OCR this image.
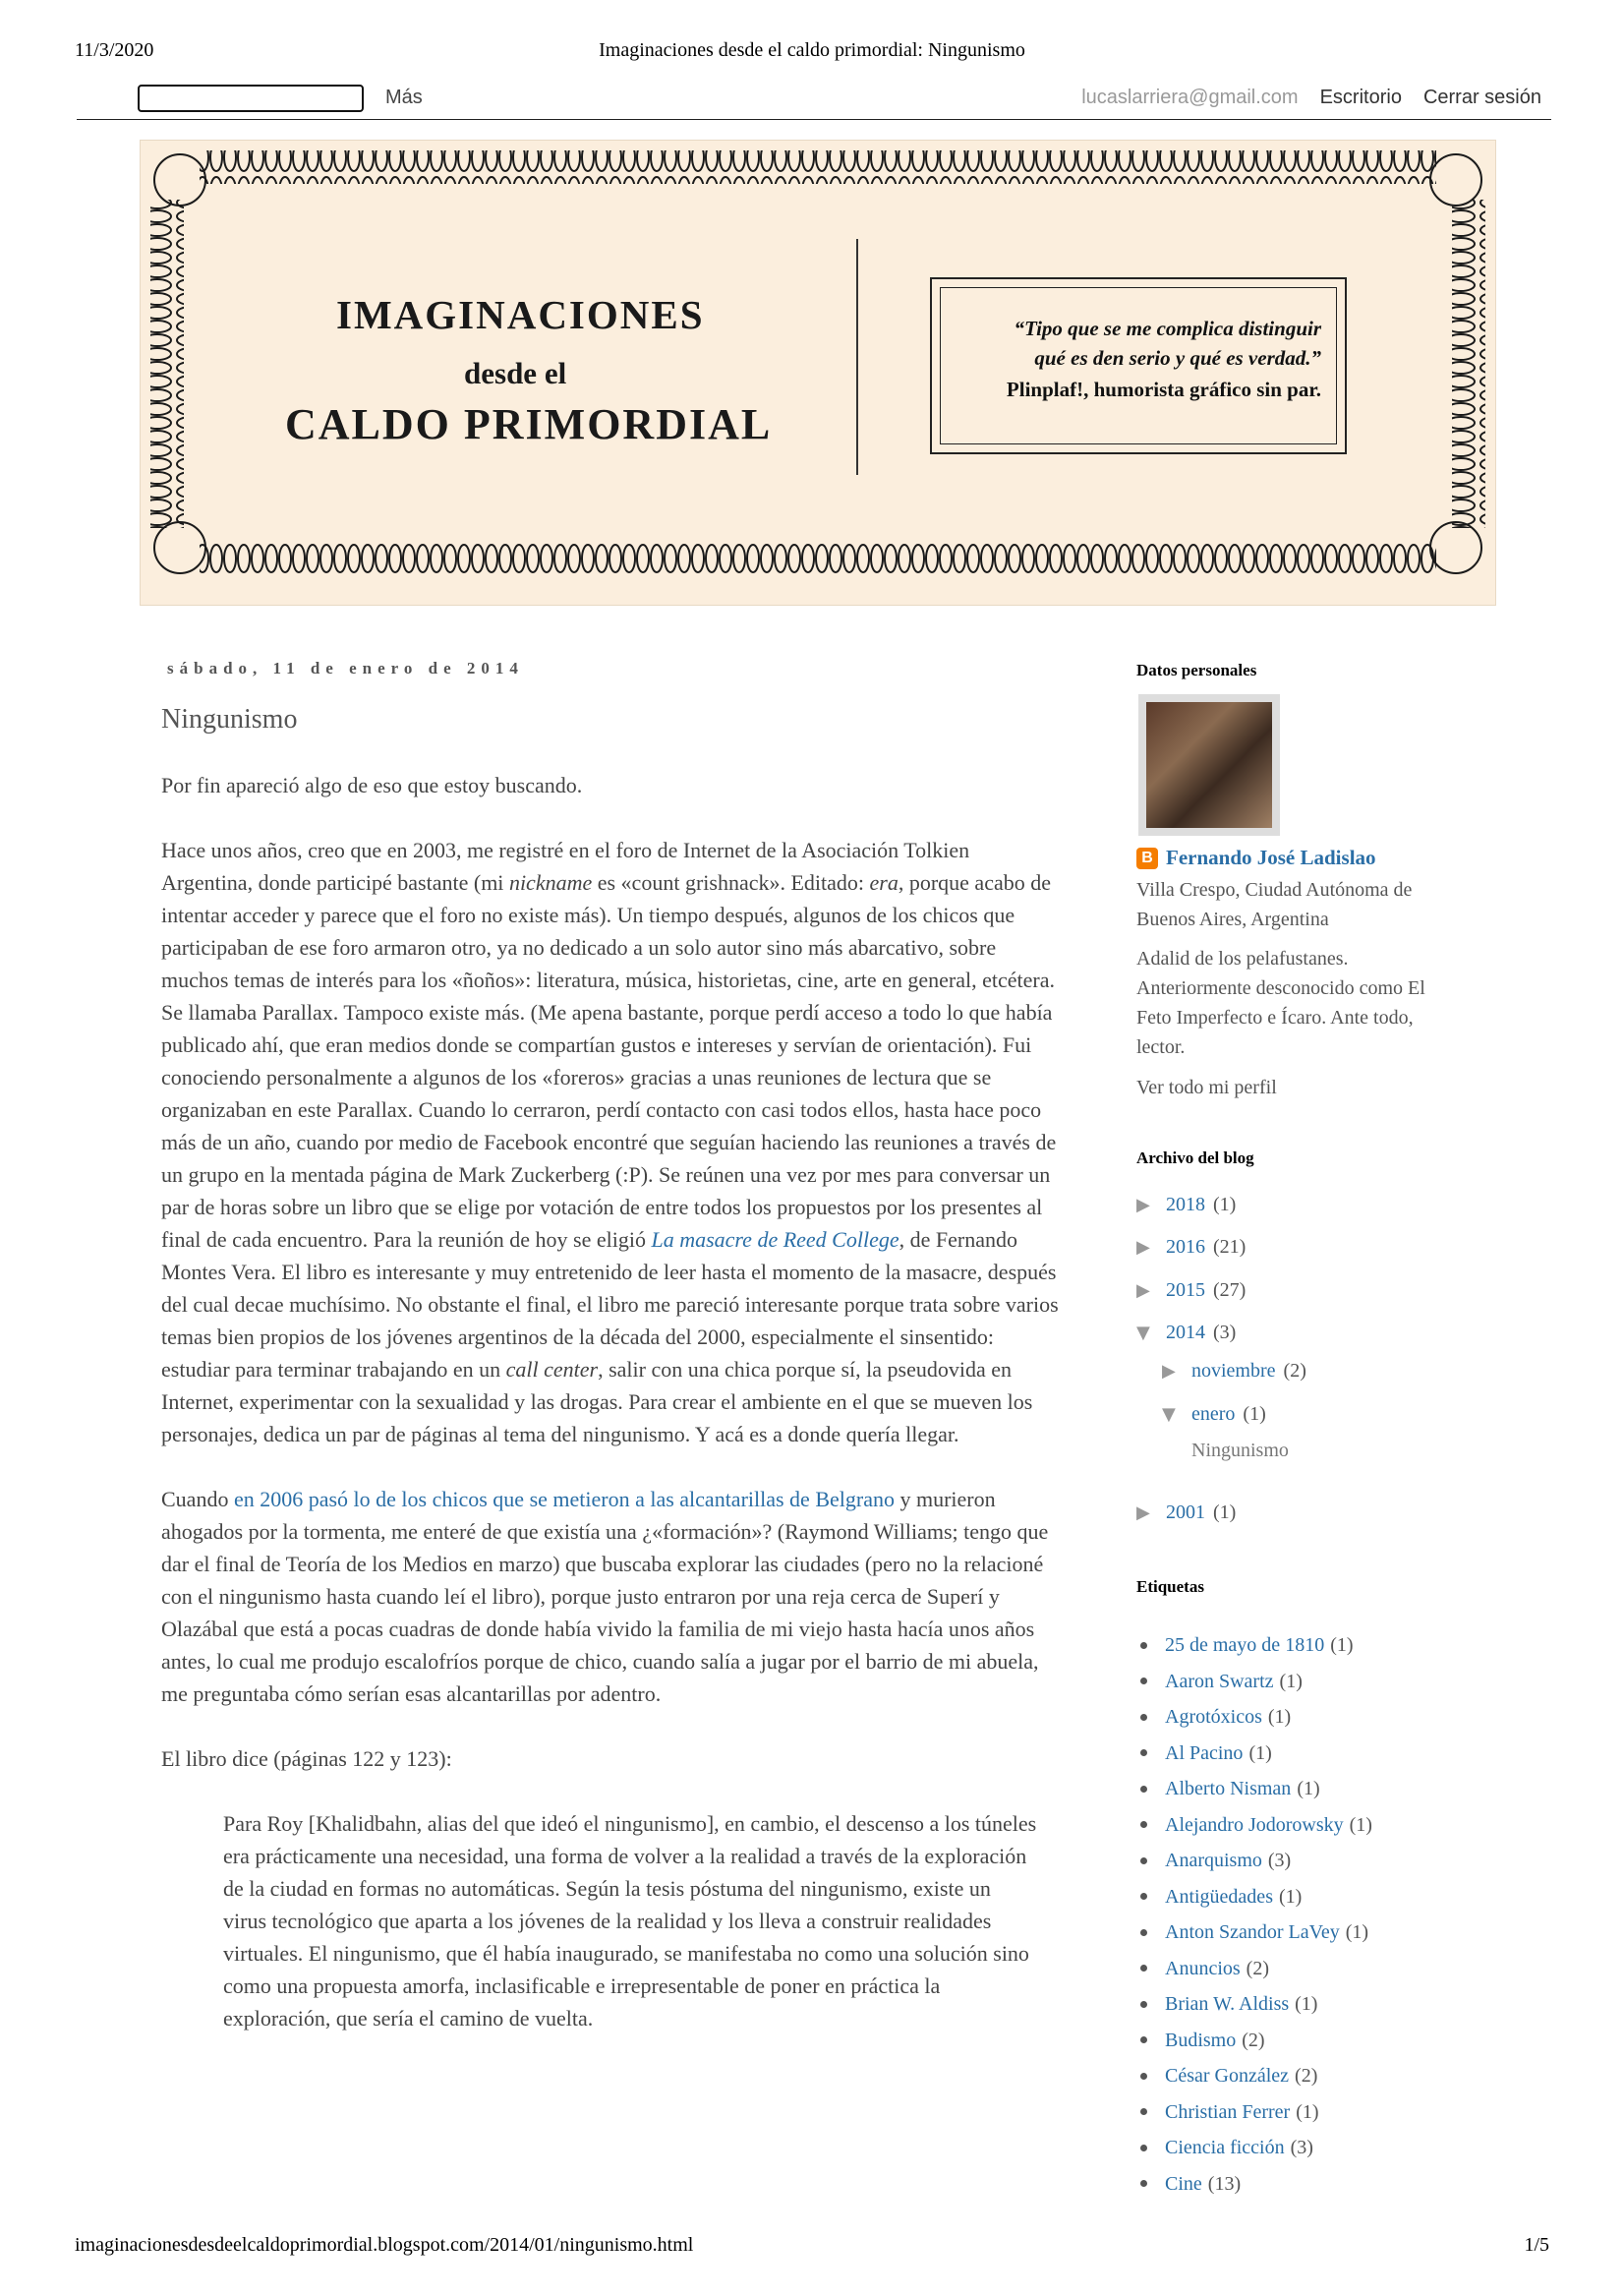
11/3/2020	Imaginaciones desde el caldo primordial: Ningunismo
Más	lucaslarriera@gmail.com Escritorio Cerrar sesión
IMAGINACIONES
desde el
CALDO PRIMORDIAL
“Tipo que se me complica distinguir
qué es den serio y qué es verdad.”
Plinplaf!, humorista gráfico sin par.
sábado, 11 de enero de 2014
Ningunismo

Por fin apareció algo de eso que estoy buscando.

Hace unos años, creo que en 2003, me registré en el foro de Internet de la Asociación Tolkien Argentina, donde participé bastante (mi nickname es «count grishnack». Editado: era, porque acabo de intentar acceder y parece que el foro no existe más). Un tiempo después, algunos de los chicos que participaban de ese foro armaron otro, ya no dedicado a un solo autor sino más abarcativo, sobre muchos temas de interés para los «ñoños»: literatura, música, historietas, cine, arte en general, etcétera. Se llamaba Parallax. Tampoco existe más. (Me apena bastante, porque perdí acceso a todo lo que había publicado ahí, que eran medios donde se compartían gustos e intereses y servían de orientación). Fui conociendo personalmente a algunos de los «foreros» gracias a unas reuniones de lectura que se organizaban en este Parallax. Cuando lo cerraron, perdí contacto con casi todos ellos, hasta hace poco más de un año, cuando por medio de Facebook encontré que seguían haciendo las reuniones a través de un grupo en la mentada página de Mark Zuckerberg (:P). Se reúnen una vez por mes para conversar un par de horas sobre un libro que se elige por votación de entre todos los propuestos por los presentes al final de cada encuentro. Para la reunión de hoy se eligió La masacre de Reed College, de Fernando Montes Vera. El libro es interesante y muy entretenido de leer hasta el momento de la masacre, después del cual decae muchísimo. No obstante el final, el libro me pareció interesante porque trata sobre varios temas bien propios de los jóvenes argentinos de la década del 2000, especialmente el sinsentido: estudiar para terminar trabajando en un call center, salir con una chica porque sí, la pseudovida en Internet, experimentar con la sexualidad y las drogas. Para crear el ambiente en el que se mueven los personajes, dedica un par de páginas al tema del ningunismo. Y acá es a donde quería llegar.

Cuando en 2006 pasó lo de los chicos que se metieron a las alcantarillas de Belgrano y murieron ahogados por la tormenta, me enteré de que existía una ¿«formación»? (Raymond Williams; tengo que dar el final de Teoría de los Medios en marzo) que buscaba explorar las ciudades (pero no la relacioné con el ningunismo hasta cuando leí el libro), porque justo entraron por una reja cerca de Superí y Olazábal que está a pocas cuadras de donde había vivido la familia de mi viejo hasta hacía unos años antes, lo cual me produjo escalofríos porque de chico, cuando salía a jugar por el barrio de mi abuela, me preguntaba cómo serían esas alcantarillas por adentro.

El libro dice (páginas 122 y 123):

Para Roy [Khalidbahn, alias del que ideó el ningunismo], en cambio, el descenso a los túneles era prácticamente una necesidad, una forma de volver a la realidad a través de la exploración de la ciudad en formas no automáticas. Según la tesis póstuma del ningunismo, existe un virus tecnológico que aparta a los jóvenes de la realidad y los lleva a construir realidades virtuales. El ningunismo, que él había inaugurado, se manifestaba no como una solución sino como una propuesta amorfa, inclasificable e irrepresentable de poner en práctica la exploración, que sería el camino de vuelta.
Datos personales
B Fernando José Ladislao
Villa Crespo, Ciudad Autónoma de Buenos Aires, Argentina
Adalid de los pelafustanes. Anteriormente desconocido como El Feto Imperfecto e Ícaro. Ante todo, lector.
Ver todo mi perfil
Archivo del blog
▶ 2018 (1)
▶ 2016 (21)
▶ 2015 (27)
▼ 2014 (3)
▶ noviembre (2)
▼ enero (1)
Ningunismo
▶ 2001 (1)
Etiquetas
25 de mayo de 1810 (1)
Aaron Swartz (1)
Agrotóxicos (1)
Al Pacino (1)
Alberto Nisman (1)
Alejandro Jodorowsky (1)
Anarquismo (3)
Antigüedades (1)
Anton Szandor LaVey (1)
Anuncios (2)
Brian W. Aldiss (1)
Budismo (2)
César González (2)
Christian Ferrer (1)
Ciencia ficción (3)
Cine (13)
imaginacionesdesdeelcaldoprimordial.blogspot.com/2014/01/ningunismo.html	1/5
